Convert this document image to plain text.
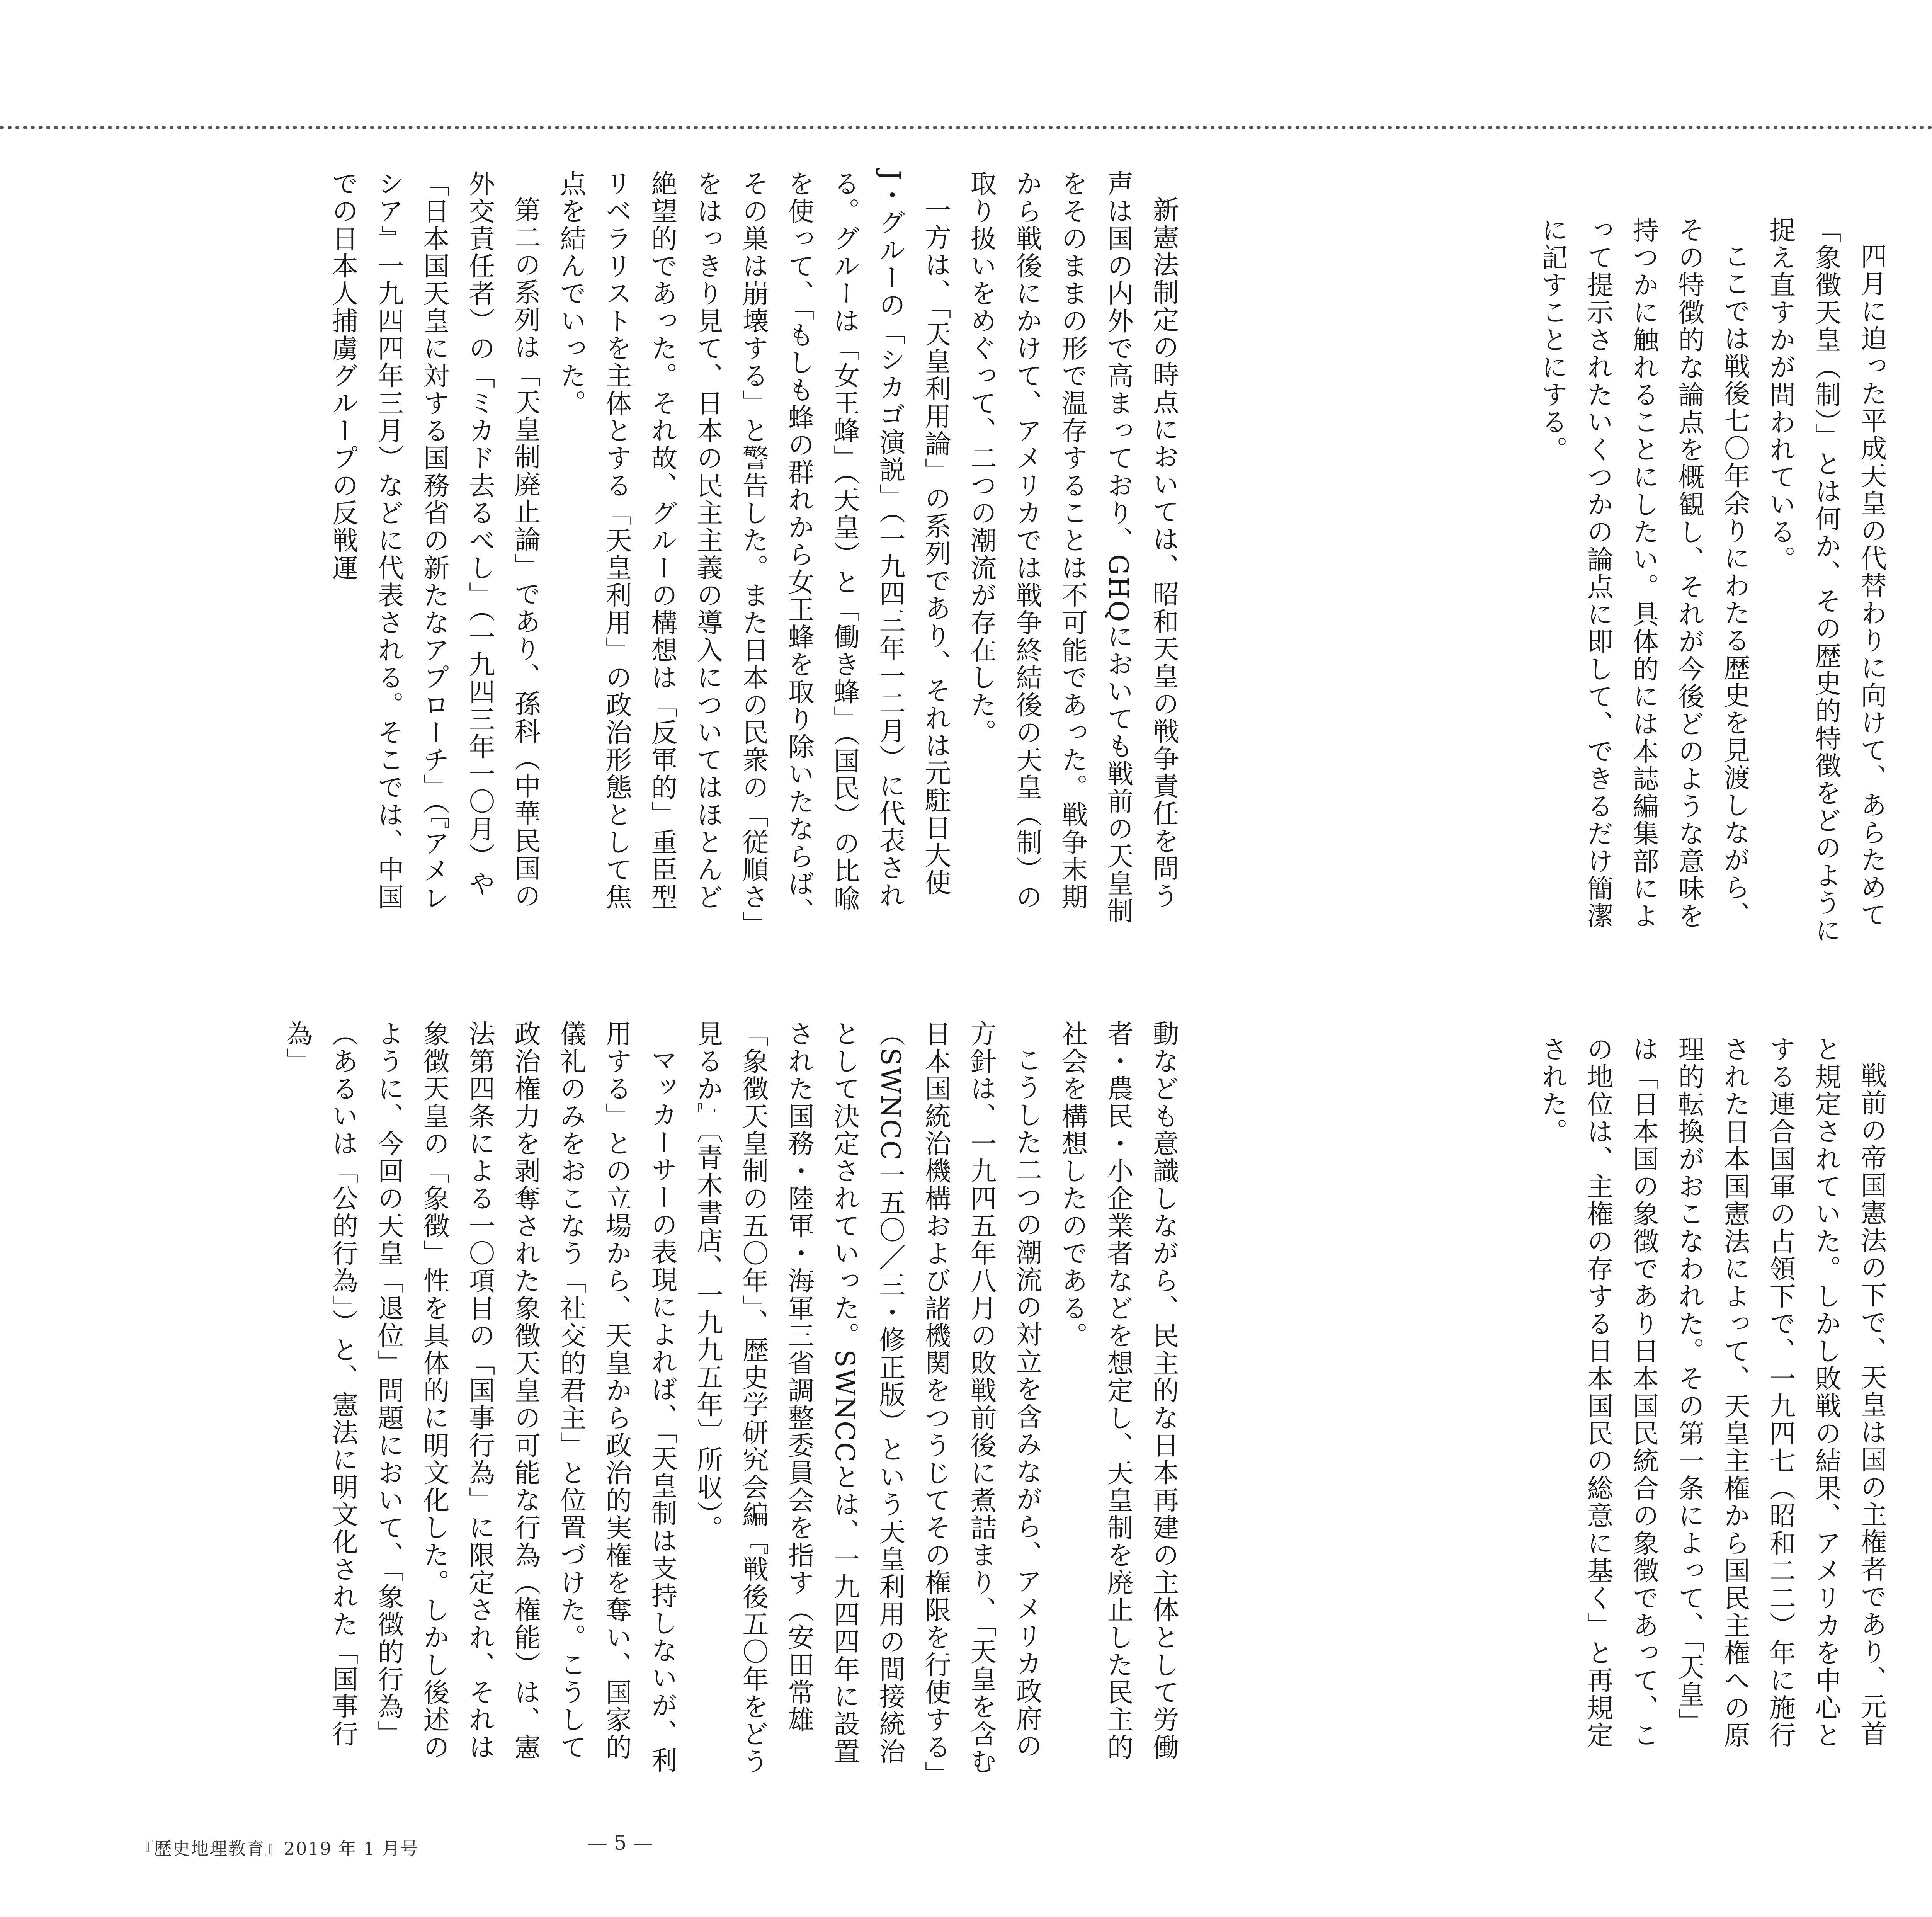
四月に迫った平成天皇の代替わりに向けて、あらためて「象徴天皇（制）」とは何か、その歴史的特徴をどのように捉え直すかが問われている。

ここでは戦後七〇年余りにわたる歴史を見渡しながら、その特徴的な論点を概観し、それが今後どのような意味を持つかに触れることにしたい。具体的には本誌編集部によって提示されたいくつかの論点に即して、できるだけ簡潔に記すことにする。

戦前の帝国憲法の下で、天皇は国の主権者であり、元首と規定されていた。しかし敗戦の結果、アメリカを中心とする連合国軍の占領下で、一九四七（昭和二二）年に施行された日本国憲法によって、天皇主権から国民主権への原理的転換がおこなわれた。その第一条によって、「天皇」は「日本国の象徴であり日本国民統合の象徴であって、この地位は、主権の存する日本国民の総意に基く」と再規定された。

新憲法制定の時点においては、昭和天皇の戦争責任を問う声は国の内外で高まっており、GHQにおいても戦前の天皇制をそのままの形で温存することは不可能であった。戦争末期から戦後にかけて、アメリカでは戦争終結後の天皇（制）の取り扱いをめぐって、二つの潮流が存在した。

一方は、「天皇利用論」の系列であり、それは元駐日大使J・グルーの「シカゴ演説」（一九四三年一二月）に代表される。グルーは「女王蜂」（天皇）と「働き蜂」（国民）の比喩を使って、「もしも蜂の群れから女王蜂を取り除いたならば、その巣は崩壊する」と警告した。また日本の民衆の「従順さ」をはっきり見て、日本の民主主義の導入についてはほとんど絶望的であった。それ故、グルーの構想は「反軍的」重臣型リベラリストを主体とする「天皇利用」の政治形態として焦点を結んでいった。

第二の系列は「天皇制廃止論」であり、孫科（中華民国の外交責任者）の「ミカド去るべし」（一九四三年一〇月）や「日本国天皇に対する国務省の新たなアプローチ」（『アメレシア』一九四四年三月）などに代表される。そこでは、中国での日本人捕虜グループの反戦運

動なども意識しながら、民主的な日本再建の主体として労働者・農民・小企業者などを想定し、天皇制を廃止した民主的社会を構想したのである。

こうした二つの潮流の対立を含みながら、アメリカ政府の方針は、一九四五年八月の敗戦前後に煮詰まり、「天皇を含む日本国統治機構および諸機関をつうじてその権限を行使する」（SWNCC一五〇／三・修正版）という天皇利用の間接統治として決定されていった。SWNCCとは、一九四四年に設置された国務・陸軍・海軍三省調整委員会を指す（安田常雄「象徴天皇制の五〇年」、歴史学研究会編『戦後五〇年をどう見るか』〔青木書店、一九九五年〕所収）。

マッカーサーの表現によれば、「天皇制は支持しないが、利用する」との立場から、天皇から政治的実権を奪い、国家的儀礼のみをおこなう「社交的君主」と位置づけた。こうして政治権力を剥奪された象徴天皇の可能な行為（権能）は、憲法第四条による一〇項目の「国事行為」に限定され、それは象徴天皇の「象徴」性を具体的に明文化した。しかし後述のように、今回の天皇「退位」問題において、「象徴的行為」（あるいは「公的行為」）と、憲法に明文化された「国事行為」

『歴史地理教育』2019 年 1 月号	— 5 —
